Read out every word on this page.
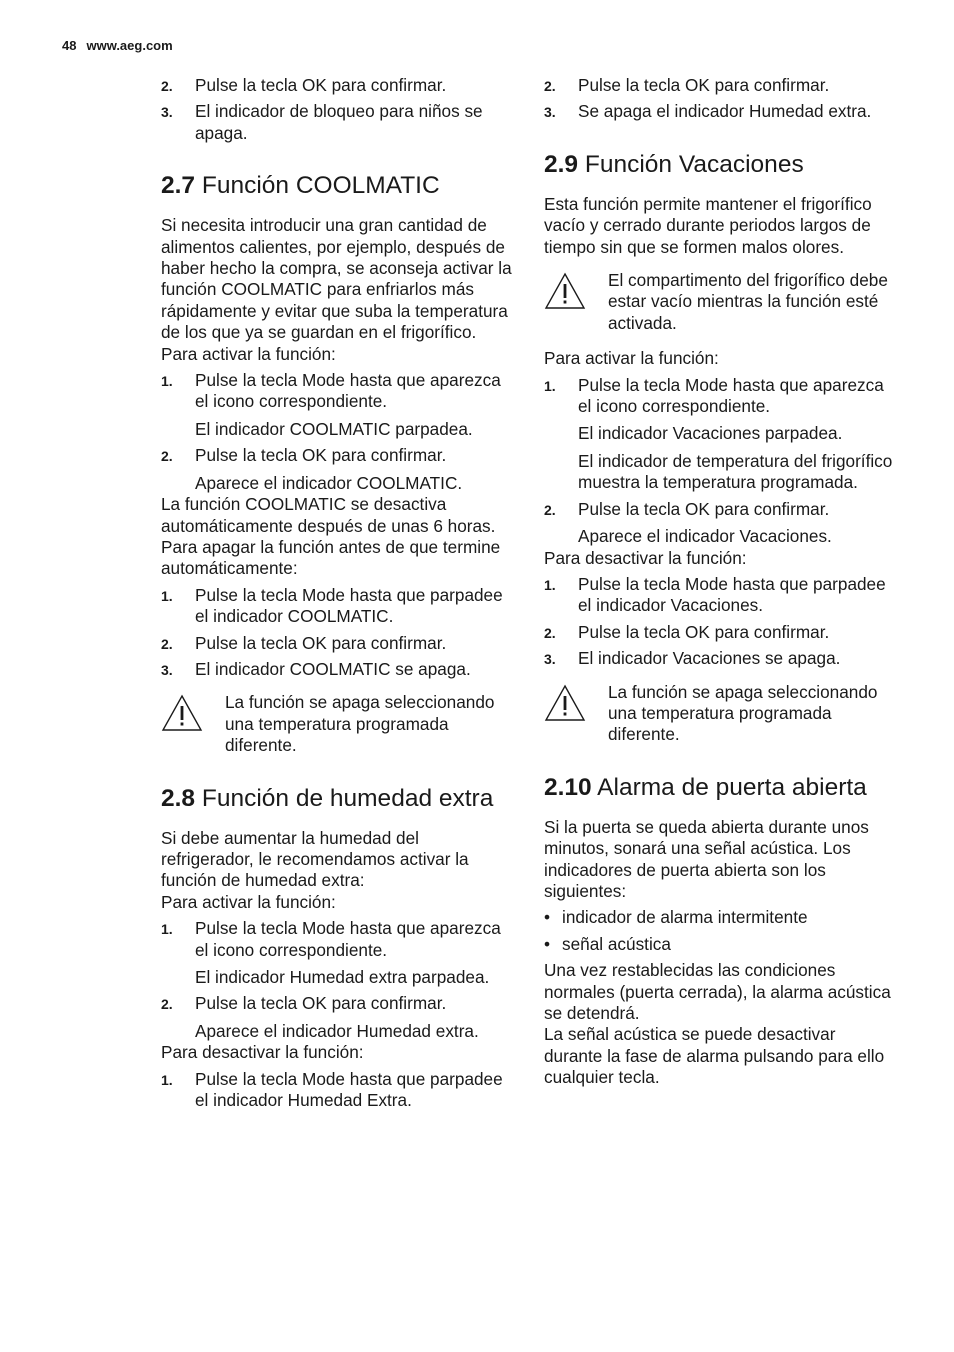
48 www.aeg.com
2. Pulse la tecla OK para confirmar.
3. El indicador de bloqueo para niños se apaga.
2.7 Función COOLMATIC

Si necesita introducir una gran cantidad de alimentos calientes, por ejemplo, después de haber hecho la compra, se aconseja activar la función COOLMATIC para enfriarlos más rápidamente y evitar que suba la temperatura de los que ya se guardan en el frigorífico.

Para activar la función:

1. Pulse la tecla Mode hasta que aparezca el icono correspondiente.

El indicador COOLMATIC parpadea.

2. Pulse la tecla OK para confirmar.

Aparece el indicador COOLMATIC.

La función COOLMATIC se desactiva automáticamente después de unas 6 horas.

Para apagar la función antes de que termine automáticamente:

1. Pulse la tecla Mode hasta que parpadee el indicador COOLMATIC.
2. Pulse la tecla OK para confirmar.
3. El indicador COOLMATIC se apaga.

La función se apaga seleccionando una temperatura programada diferente.

2.8 Función de humedad extra

Si debe aumentar la humedad del refrigerador, le recomendamos activar la función de humedad extra:

Para activar la función:

1. Pulse la tecla Mode hasta que aparezca el icono correspondiente.

El indicador Humedad extra parpadea.

2. Pulse la tecla OK para confirmar.

Aparece el indicador Humedad extra.

Para desactivar la función:

1. Pulse la tecla Mode hasta que parpadee el indicador Humedad Extra.
2. Pulse la tecla OK para confirmar.
3. Se apaga el indicador Humedad extra.
2.9 Función Vacaciones

Esta función permite mantener el frigorífico vacío y cerrado durante periodos largos de tiempo sin que se formen malos olores.

El compartimento del frigorífico debe estar vacío mientras la función esté activada.

Para activar la función:

1. Pulse la tecla Mode hasta que aparezca el icono correspondiente.

El indicador Vacaciones parpadea.

El indicador de temperatura del frigorífico muestra la temperatura programada.

2. Pulse la tecla OK para confirmar.

Aparece el indicador Vacaciones.

Para desactivar la función:

1. Pulse la tecla Mode hasta que parpadee el indicador Vacaciones.
2. Pulse la tecla OK para confirmar.
3. El indicador Vacaciones se apaga.

La función se apaga seleccionando una temperatura programada diferente.

2.10 Alarma de puerta abierta

Si la puerta se queda abierta durante unos minutos, sonará una señal acústica. Los indicadores de puerta abierta son los siguientes:

• indicador de alarma intermitente
• señal acústica

Una vez restablecidas las condiciones normales (puerta cerrada), la alarma acústica se detendrá.

La señal acústica se puede desactivar durante la fase de alarma pulsando para ello cualquier tecla.
